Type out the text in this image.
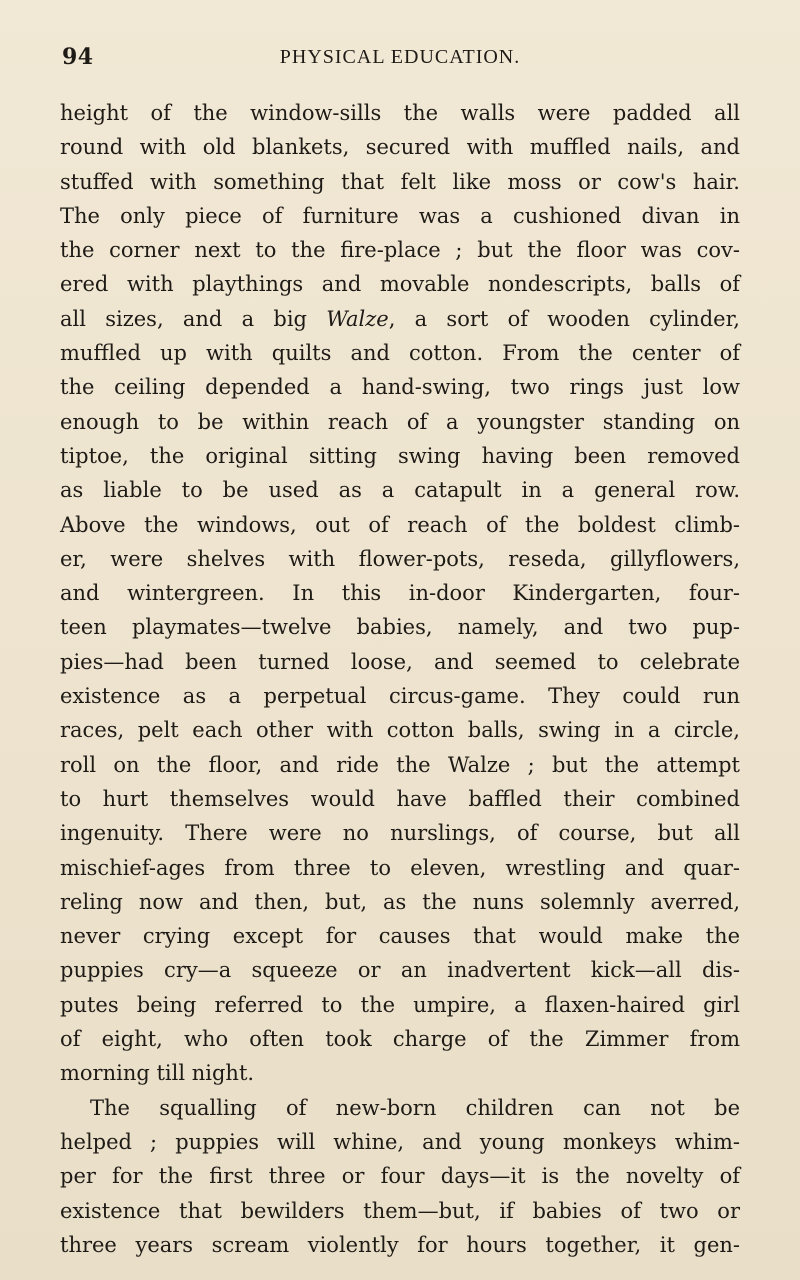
94	PHYSICAL EDUCATION.
height of the window-sills the walls were padded all
round with old blankets, secured with muffled nails, and
stuffed with something that felt like moss or cow's hair.
The only piece of furniture was a cushioned divan in
the corner next to the fire-place ; but the floor was cov-
ered with playthings and movable nondescripts, balls of
all sizes, and a big Walze, a sort of wooden cylinder,
muffled up with quilts and cotton. From the center of
the ceiling depended a hand-swing, two rings just low
enough to be within reach of a youngster standing on
tiptoe, the original sitting swing having been removed
as liable to be used as a catapult in a general row.
Above the windows, out of reach of the boldest climb-
er, were shelves with flower-pots, reseda, gillyflowers,
and wintergreen. In this in-door Kindergarten, four-
teen playmates—twelve babies, namely, and two pup-
pies—had been turned loose, and seemed to celebrate
existence as a perpetual circus-game. They could run
races, pelt each other with cotton balls, swing in a circle,
roll on the floor, and ride the Walze ; but the attempt
to hurt themselves would have baffled their combined
ingenuity. There were no nurslings, of course, but all
mischief-ages from three to eleven, wrestling and quar-
reling now and then, but, as the nuns solemnly averred,
never crying except for causes that would make the
puppies cry—a squeeze or an inadvertent kick—all dis-
putes being referred to the umpire, a flaxen-haired girl
of eight, who often took charge of the Zimmer from
morning till night.
The squalling of new-born children can not be
helped ; puppies will whine, and young monkeys whim-
per for the first three or four days—it is the novelty of
existence that bewilders them—but, if babies of two or
three years scream violently for hours together, it gen-
